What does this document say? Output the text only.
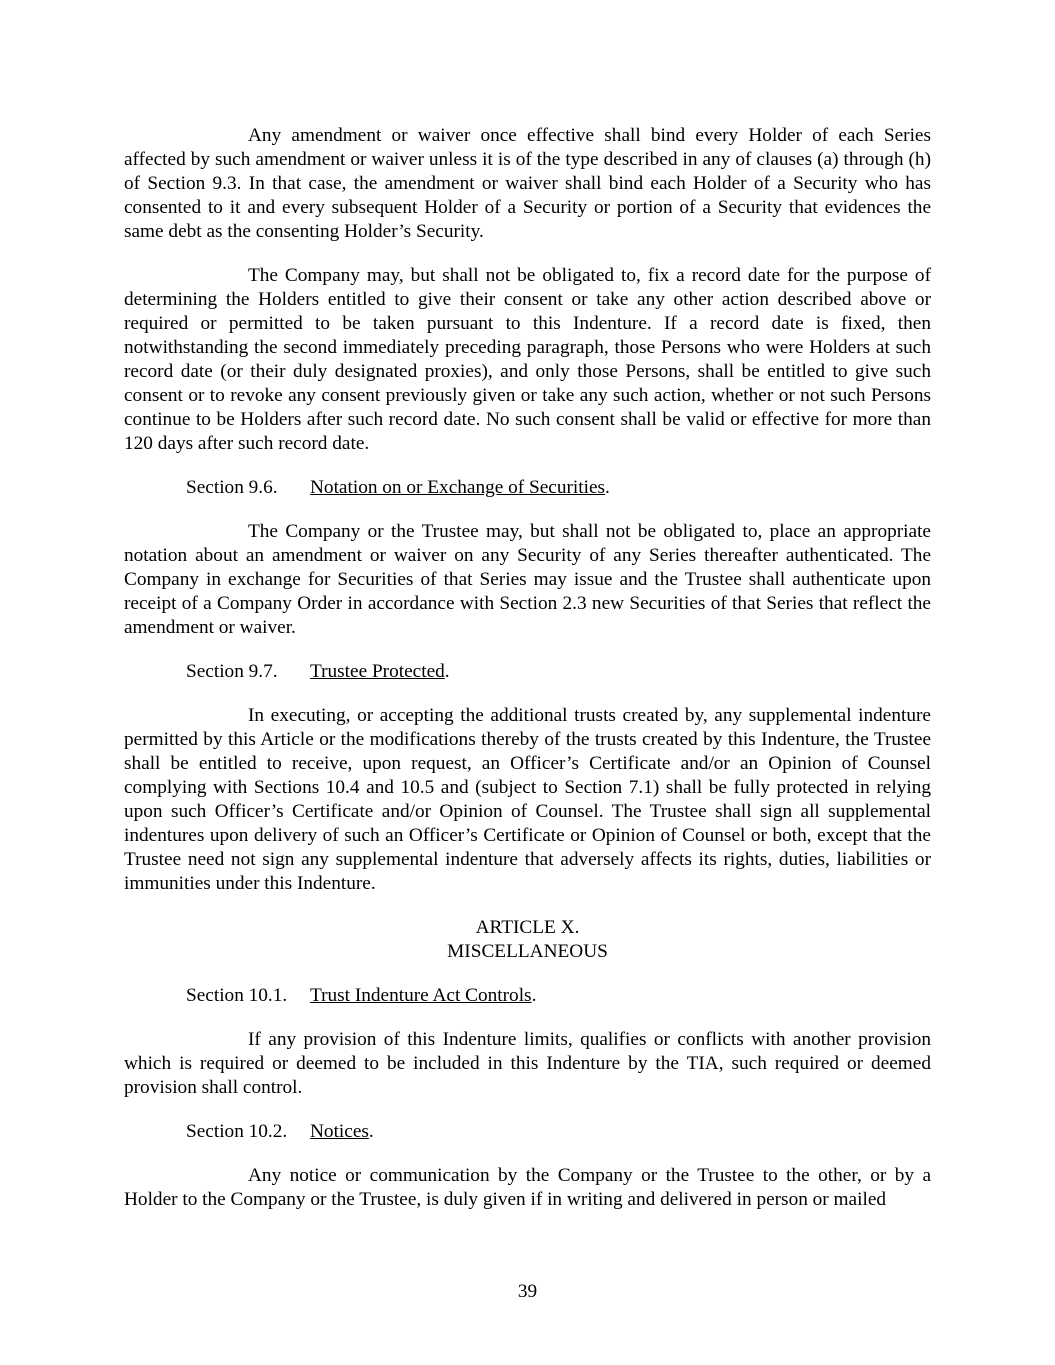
Any amendment or waiver once effective shall bind every Holder of each Series affected by such amendment or waiver unless it is of the type described in any of clauses (a) through (h) of Section 9.3. In that case, the amendment or waiver shall bind each Holder of a Security who has consented to it and every subsequent Holder of a Security or portion of a Security that evidences the same debt as the consenting Holder’s Security.

The Company may, but shall not be obligated to, fix a record date for the purpose of determining the Holders entitled to give their consent or take any other action described above or required or permitted to be taken pursuant to this Indenture. If a record date is fixed, then notwithstanding the second immediately preceding paragraph, those Persons who were Holders at such record date (or their duly designated proxies), and only those Persons, shall be entitled to give such consent or to revoke any consent previously given or take any such action, whether or not such Persons continue to be Holders after such record date. No such consent shall be valid or effective for more than 120 days after such record date.

Section 9.6. Notation on or Exchange of Securities.

The Company or the Trustee may, but shall not be obligated to, place an appropriate notation about an amendment or waiver on any Security of any Series thereafter authenticated. The Company in exchange for Securities of that Series may issue and the Trustee shall authenticate upon receipt of a Company Order in accordance with Section 2.3 new Securities of that Series that reflect the amendment or waiver.

Section 9.7. Trustee Protected.

In executing, or accepting the additional trusts created by, any supplemental indenture permitted by this Article or the modifications thereby of the trusts created by this Indenture, the Trustee shall be entitled to receive, upon request, an Officer’s Certificate and/or an Opinion of Counsel complying with Sections 10.4 and 10.5 and (subject to Section 7.1) shall be fully protected in relying upon such Officer’s Certificate and/or Opinion of Counsel. The Trustee shall sign all supplemental indentures upon delivery of such an Officer’s Certificate or Opinion of Counsel or both, except that the Trustee need not sign any supplemental indenture that adversely affects its rights, duties, liabilities or immunities under this Indenture.

ARTICLE X.

MISCELLANEOUS

Section 10.1. Trust Indenture Act Controls.

If any provision of this Indenture limits, qualifies or conflicts with another provision which is required or deemed to be included in this Indenture by the TIA, such required or deemed provision shall control.

Section 10.2. Notices.

Any notice or communication by the Company or the Trustee to the other, or by a Holder to the Company or the Trustee, is duly given if in writing and delivered in person or mailed

39
